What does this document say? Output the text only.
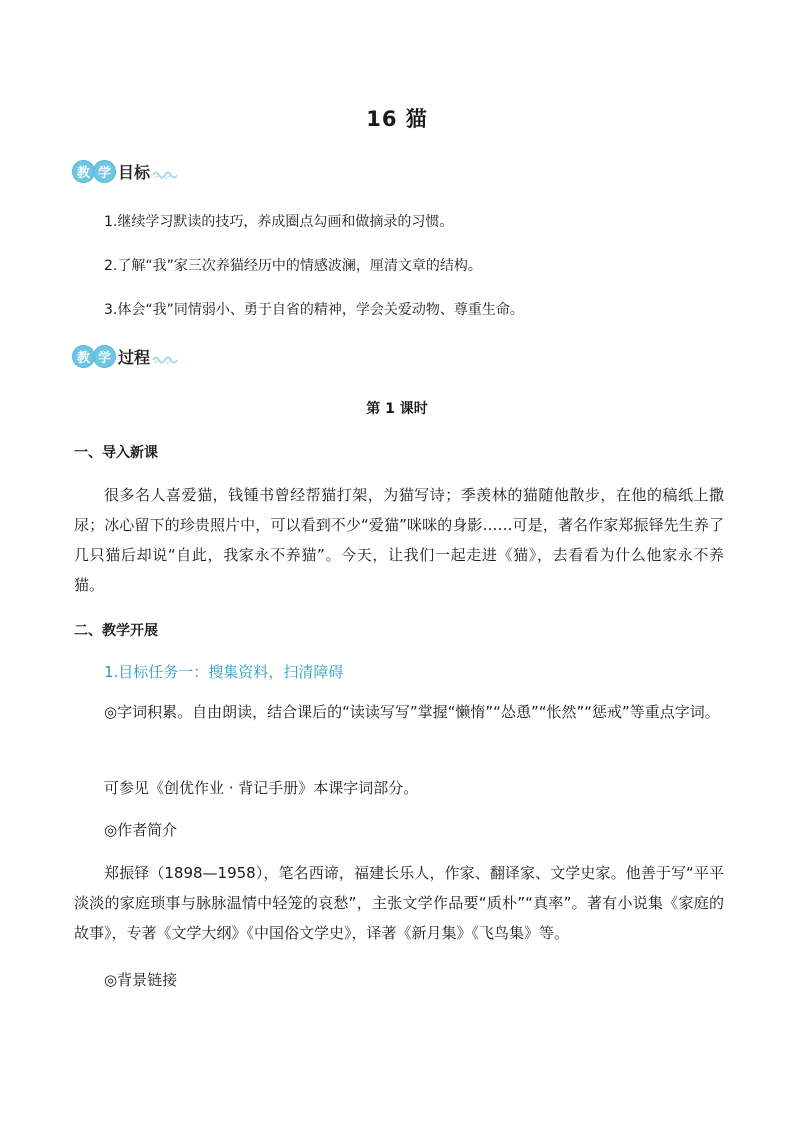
16 猫
教 学 目标
1.继续学习默读的技巧，养成圈点勾画和做摘录的习惯。
2.了解“我”家三次养猫经历中的情感波澜，厘清文章的结构。
3.体会“我”同情弱小、勇于自省的精神，学会关爱动物、尊重生命。
教 学 过程
第 1 课时
一、导入新课
很多名人喜爱猫，钱锺书曾经帮猫打架，为猫写诗；季羡林的猫随他散步，在他的稿纸上撒尿；冰心留下的珍贵照片中，可以看到不少“爱猫”咪咪的身影……可是，著名作家郑振铎先生养了几只猫后却说“自此，我家永不养猫”。今天，让我们一起走进《猫》，去看看为什么他家永不养猫。
二、教学开展
1.目标任务一：搜集资料，扫清障碍
◎字词积累。自由朗读，结合课后的“读读写写”掌握“懒惰”“怂恿”“怅然”“惩戒”等重点字词。
可参见《创优作业 · 背记手册》本课字词部分。
◎作者简介
郑振铎（1898—1958），笔名西谛，福建长乐人，作家、翻译家、文学史家。他善于写“平平淡淡的家庭琐事与脉脉温情中轻笼的哀愁”，主张文学作品要“质朴”“真率”。著有小说集《家庭的故事》，专著《文学大纲》《中国俗文学史》，译著《新月集》《飞鸟集》等。
◎背景链接
